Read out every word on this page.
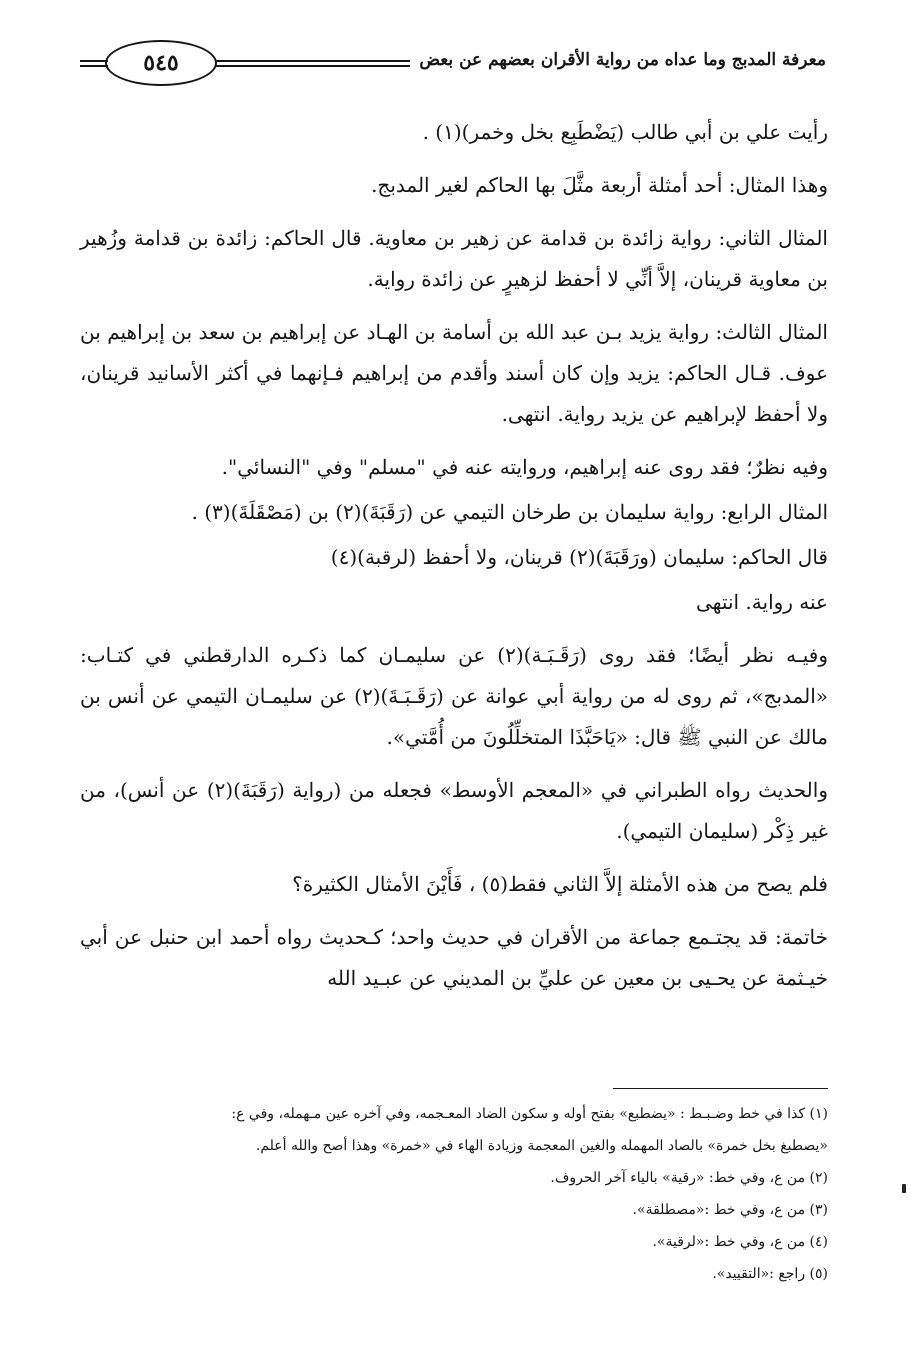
معرفة المدبج وما عداه من رواية الأقران بعضهم عن بعض
٥٤٥

رأيت علي بن أبي طالب (يَضْطَبِع بخل وخمر)(١) .

وهذا المثال: أحد أمثلة أربعة مثَّلَ بها الحاكم لغير المدبج.

المثال الثاني: رواية زائدة بن قدامة عن زهير بن معاوية. قال الحاكم: زائدة بن قدامة وزُهير بن معاوية قرينان، إلاَّ أنِّي لا أحفظ لزهيرٍ عن زائدة رواية.

المثال الثالث: رواية يزيد بـن عبد الله بن أسامة بن الهـاد عن إبراهيم بن سعد بن إبراهيم بن عوف. قـال الحاكم: يزيد وإن كان أسند وأقدم من إبراهيم فـإنهما في أكثر الأسانيد قرينان، ولا أحفظ لإبراهيم عن يزيد رواية. انتهى.

وفيه نظرٌ؛ فقد روى عنه إبراهيم، وروايته عنه في "مسلم" وفي "النسائي".

المثال الرابع: رواية سليمان بن طرخان التيمي عن (رَقَبَةَ)(٢) بن (مَصْقَلَةَ)(٣) .

قال الحاكم: سليمان (ورَقَبَةَ)(٢) قرينان، ولا أحفظ (لرقبة)(٤)

عنه رواية. انتهى

وفيـه نظر أيضًا؛ فقد روى (رَقَـبَـة)(٢) عن سليمـان كما ذكـره الدارقطني في كتـاب: «المدبج»، ثم روى له من رواية أبي عوانة عن (رَقَـبَـةَ)(٢) عن سليمـان التيمي عن أنس بن مالك عن النبي ﷺ قال: «يَاحَبَّذَا المتخلِّلُونَ من أُمَّتي».

والحديث رواه الطبراني في «المعجم الأوسط» فجعله من (رواية (رَقَبَةَ)(٢) عن أنس)، من غير ذِكْر (سليمان التيمي).

فلم يصح من هذه الأمثلة إلاَّ الثاني فقط(٥) ، فَأَيْنَ الأمثال الكثيرة؟

خاتمة: قد يجتـمع جماعة من الأقران في حديث واحد؛ كـحديث رواه أحمد ابن حنبل عن أبي خيـثمة عن يحـيى بن معين عن عليِّ بن المديني عن عبـيد الله

(١) كذا في خط وضـبـط : «يضطبع» بفتح أوله و سكون الضاد المعـجمه، وفي آخره عين مـهمله، وفي ع:

«يصطبغ بخل خمرة» بالصاد المهمله والغين المعجمة وزيادة الهاء في «خمرة» وهذا أصح والله أعلم.

(٢) من ع، وفي خط: «رقية» بالياء آخر الحروف.

(٣) من ع، وفي خط :«مصطلقة».

(٤) من ع، وفي خط :«لرقية».

(٥) راجع :«التقييد».
